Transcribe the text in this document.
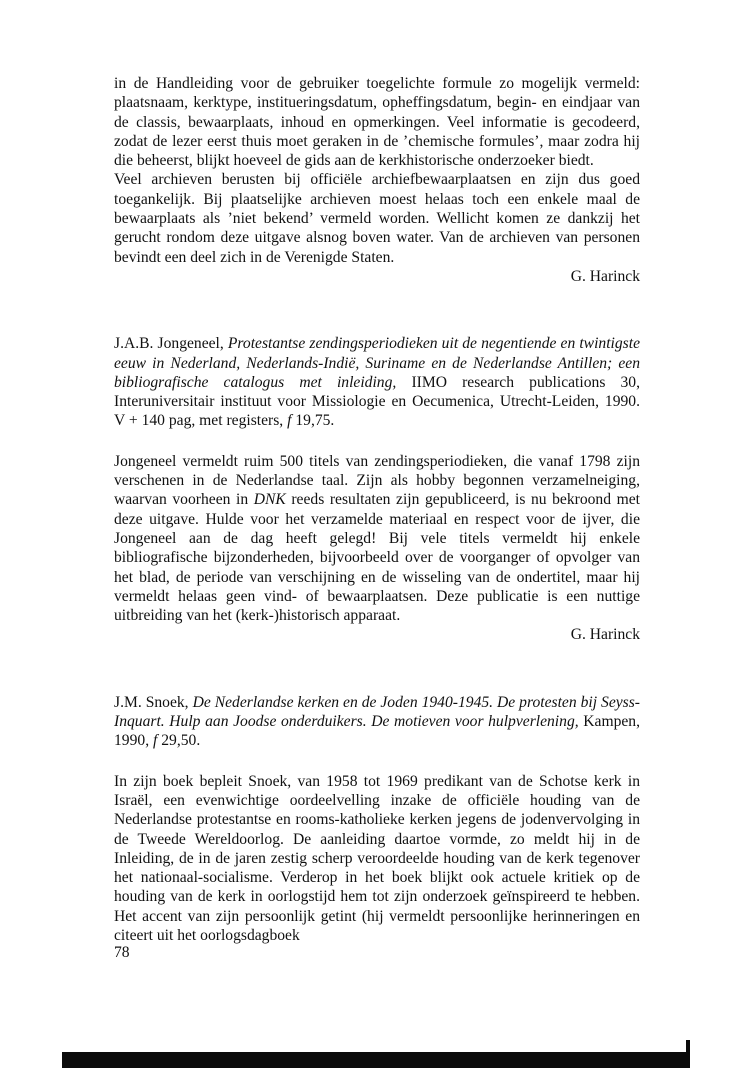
in de Handleiding voor de gebruiker toegelichte formule zo mogelijk vermeld: plaatsnaam, kerktype, institueringsdatum, opheffingsdatum, begin- en eindjaar van de classis, bewaarplaats, inhoud en opmerkingen. Veel informatie is gecodeerd, zodat de lezer eerst thuis moet geraken in de ’chemische formules’, maar zodra hij die beheerst, blijkt hoeveel de gids aan de kerkhistorische onderzoeker biedt.

Veel archieven berusten bij officiële archiefbewaarplaatsen en zijn dus goed toegankelijk. Bij plaatselijke archieven moest helaas toch een enkele maal de bewaarplaats als ’niet bekend’ vermeld worden. Wellicht komen ze dankzij het gerucht rondom deze uitgave alsnog boven water. Van de archieven van personen bevindt een deel zich in de Verenigde Staten.

G. Harinck

J.A.B. Jongeneel, Protestantse zendingsperiodieken uit de negentiende en twintigste eeuw in Nederland, Nederlands-Indië, Suriname en de Nederlandse Antillen; een bibliografische catalogus met inleiding, IIMO research publications 30, Interuniversitair instituut voor Missiologie en Oecumenica, Utrecht-Leiden, 1990. V + 140 pag, met registers, f 19,75.

Jongeneel vermeldt ruim 500 titels van zendingsperiodieken, die vanaf 1798 zijn verschenen in de Nederlandse taal. Zijn als hobby begonnen verzamelneiging, waarvan voorheen in DNK reeds resultaten zijn gepubliceerd, is nu bekroond met deze uitgave. Hulde voor het verzamelde materiaal en respect voor de ijver, die Jongeneel aan de dag heeft gelegd! Bij vele titels vermeldt hij enkele bibliografische bijzonderheden, bijvoorbeeld over de voorganger of opvolger van het blad, de periode van verschijning en de wisseling van de ondertitel, maar hij vermeldt helaas geen vind- of bewaarplaatsen. Deze publicatie is een nuttige uitbreiding van het (kerk-)historisch apparaat.

G. Harinck

J.M. Snoek, De Nederlandse kerken en de Joden 1940-1945. De protesten bij Seyss-Inquart. Hulp aan Joodse onderduikers. De motieven voor hulpverlening, Kampen, 1990, f 29,50.

In zijn boek bepleit Snoek, van 1958 tot 1969 predikant van de Schotse kerk in Israël, een evenwichtige oordeelvelling inzake de officiële houding van de Nederlandse protestantse en rooms-katholieke kerken jegens de jodenvervolging in de Tweede Wereldoorlog. De aanleiding daartoe vormde, zo meldt hij in de Inleiding, de in de jaren zestig scherp veroordeelde houding van de kerk tegenover het nationaal-socialisme. Verderop in het boek blijkt ook actuele kritiek op de houding van de kerk in oorlogstijd hem tot zijn onderzoek geïnspireerd te hebben. Het accent van zijn persoonlijk getint (hij vermeldt persoonlijke herinneringen en citeert uit het oorlogsdagboek

78
